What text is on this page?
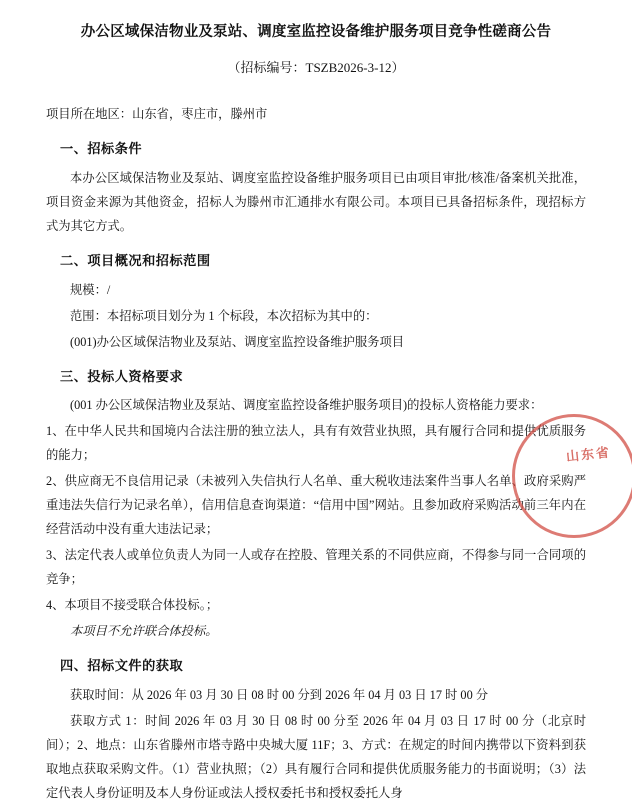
办公区域保洁物业及泵站、调度室监控设备维护服务项目竞争性磋商公告
（招标编号：TSZB2026-3-12）
项目所在地区：山东省，枣庄市，滕州市
一、招标条件
本办公区域保洁物业及泵站、调度室监控设备维护服务项目已由项目审批/核准/备案机关批准，项目资金来源为其他资金，招标人为滕州市汇通排水有限公司。本项目已具备招标条件，现招标方式为其它方式。
二、项目概况和招标范围
规模：/
范围：本招标项目划分为 1 个标段，本次招标为其中的：
(001)办公区域保洁物业及泵站、调度室监控设备维护服务项目
三、投标人资格要求
(001 办公区域保洁物业及泵站、调度室监控设备维护服务项目)的投标人资格能力要求：
1、在中华人民共和国境内合法注册的独立法人，具有有效营业执照，具有履行合同和提供优质服务的能力；
2、供应商无不良信用记录（未被列入失信执行人名单、重大税收违法案件当事人名单、政府采购严重违法失信行为记录名单），信用信息查询渠道：“信用中国”网站。且参加政府采购活动前三年内在经营活动中没有重大违法记录；
3、法定代表人或单位负责人为同一人或存在控股、管理关系的不同供应商，不得参与同一合同项的竞争；
4、本项目不接受联合体投标。；
本项目不允许联合体投标。
四、招标文件的获取
获取时间：从 2026 年 03 月 30 日 08 时 00 分到 2026 年 04 月 03 日 17 时 00 分
获取方式 1：时间 2026 年 03 月 30 日 08 时 00 分至 2026 年 04 月 03 日 17 时 00 分（北京时间）；2、地点：山东省滕州市塔寺路中央城大厦 11F；3、方式：在规定的时间内携带以下资料到获取地点获取采购文件。（1）营业执照；（2）具有履行合同和提供优质服务能力的书面说明；（3）法定代表人身份证明及本人身份证或法人授权委托书和授权委托人身
山东省
